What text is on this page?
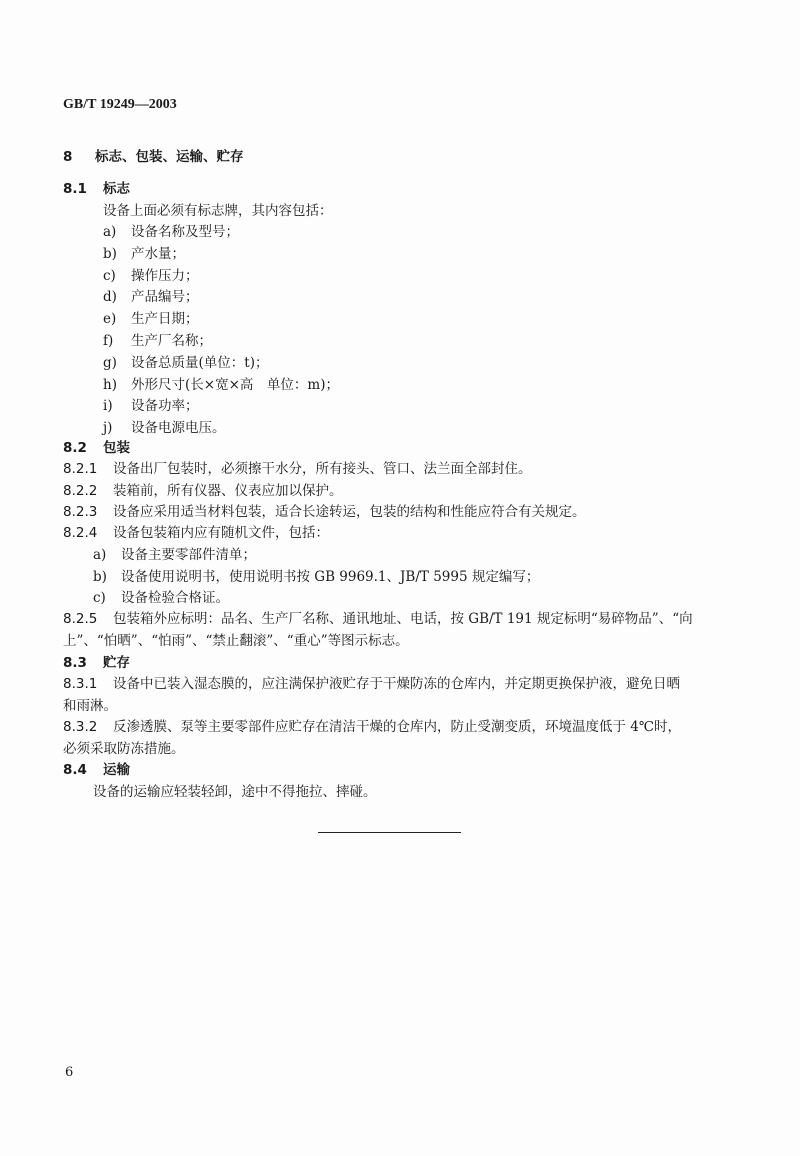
GB/T 19249—2003
8 标志、包装、运输、贮存
8.1 标志
设备上面必须有标志牌，其内容包括：
a) 设备名称及型号；
b) 产水量；
c) 操作压力；
d) 产品编号；
e) 生产日期；
f) 生产厂名称；
g) 设备总质量(单位：t)；
h) 外形尺寸(长×宽×高　单位：m)；
i) 设备功率；
j) 设备电源电压。
8.2 包装
8.2.1 设备出厂包装时，必须擦干水分，所有接头、管口、法兰面全部封住。
8.2.2 装箱前，所有仪器、仪表应加以保护。
8.2.3 设备应采用适当材料包装，适合长途转运，包装的结构和性能应符合有关规定。
8.2.4 设备包装箱内应有随机文件，包括：
a) 设备主要零部件清单；
b) 设备使用说明书，使用说明书按 GB 9969.1、JB/T 5995 规定编写；
c) 设备检验合格证。
8.2.5 包装箱外应标明：品名、生产厂名称、通讯地址、电话，按 GB/T 191 规定标明“易碎物品”、“向
上”、“怕晒”、“怕雨”、“禁止翻滚”、“重心”等图示标志。
8.3 贮存
8.3.1 设备中已装入湿态膜的，应注满保护液贮存于干燥防冻的仓库内，并定期更换保护液，避免日晒
和雨淋。
8.3.2 反渗透膜、泵等主要零部件应贮存在清洁干燥的仓库内，防止受潮变质，环境温度低于 4℃时，
必须采取防冻措施。
8.4 运输
设备的运输应轻装轻卸，途中不得拖拉、摔碰。
6
